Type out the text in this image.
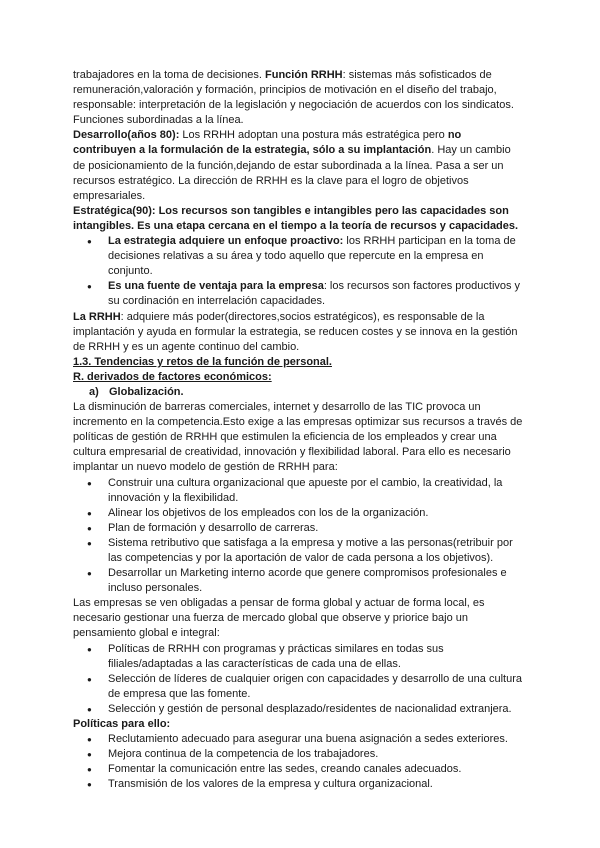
trabajadores en la toma de decisiones. Función RRHH: sistemas más sofisticados de remuneración,valoración y formación, principios de motivación en el diseño del trabajo, responsable: interpretación de la legislación y negociación de acuerdos con los sindicatos. Funciones subordinadas a la línea.

Desarrollo(años 80): Los RRHH adoptan una postura más estratégica pero no contribuyen a la formulación de la estrategia, sólo a su implantación. Hay un cambio de posicionamiento de la función,dejando de estar subordinada a la línea. Pasa a ser un recursos estratégico. La dirección de RRHH es la clave para el logro de objetivos empresariales.

Estratégica(90): Los recursos son tangibles e intangibles pero las capacidades son intangibles. Es una etapa cercana en el tiempo a la teoría de recursos y capacidades.

● La estrategia adquiere un enfoque proactivo: los RRHH participan en la toma de decisiones relativas a su área y todo aquello que repercute en la empresa en conjunto.
● Es una fuente de ventaja para la empresa: los recursos son factores productivos y su cordinación en interrelación capacidades.

La RRHH: adquiere más poder(directores,socios estratégicos), es responsable de la implantación y ayuda en formular la estrategia, se reducen costes y se innova en la gestión de RRHH y es un agente continuo del cambio.

1.3. Tendencias y retos de la función de personal.

R. derivados de factores económicos:

a) Globalización.

La disminución de barreras comerciales, internet y desarrollo de las TIC provoca un incremento en la competencia.Esto exige a las empresas optimizar sus recursos a través de políticas de gestión de RRHH que estimulen la eficiencia de los empleados y crear una cultura empresarial de creatividad, innovación y flexibilidad laboral. Para ello es necesario implantar un nuevo modelo de gestión de RRHH para:

● Construir una cultura organizacional que apueste por el cambio, la creatividad, la innovación y la flexibilidad.
● Alinear los objetivos de los empleados con los de la organización.
● Plan de formación y desarrollo de carreras.
● Sistema retributivo que satisfaga a la empresa y motive a las personas(retribuir por las competencias y por la aportación de valor de cada persona a los objetivos).
● Desarrollar un Marketing interno acorde que genere compromisos profesionales e incluso personales.

Las empresas se ven obligadas a pensar de forma global y actuar de forma local, es necesario gestionar una fuerza de mercado global que observe y priorice bajo un pensamiento global e integral:

● Políticas de RRHH con programas y prácticas similares en todas sus filiales/adaptadas a las características de cada una de ellas.
● Selección de líderes de cualquier origen con capacidades y desarrollo de una cultura de empresa que las fomente.
● Selección y gestión de personal desplazado/residentes de nacionalidad extranjera.

Políticas para ello:

● Reclutamiento adecuado para asegurar una buena asignación a sedes exteriores.
● Mejora continua de la competencia de los trabajadores.
● Fomentar la comunicación entre las sedes, creando canales adecuados.
● Transmisión de los valores de la empresa y cultura organizacional.
